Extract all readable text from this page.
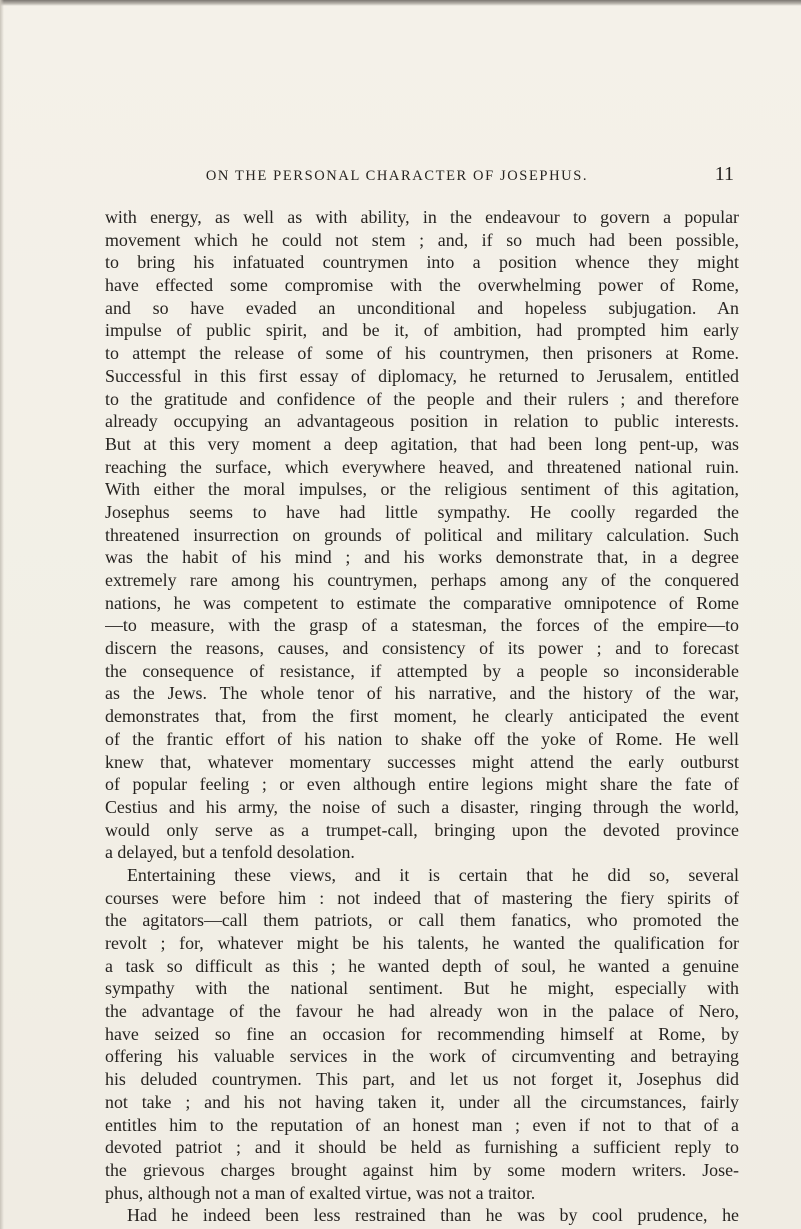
ON THE PERSONAL CHARACTER OF JOSEPHUS.	11
with energy, as well as with ability, in the endeavour to govern a popular
movement which he could not stem ; and, if so much had been possible,
to bring his infatuated countrymen into a position whence they might
have effected some compromise with the overwhelming power of Rome,
and so have evaded an unconditional and hopeless subjugation. An
impulse of public spirit, and be it, of ambition, had prompted him early
to attempt the release of some of his countrymen, then prisoners at Rome.
Successful in this first essay of diplomacy, he returned to Jerusalem, entitled
to the gratitude and confidence of the people and their rulers ; and therefore
already occupying an advantageous position in relation to public interests.
But at this very moment a deep agitation, that had been long pent-up, was
reaching the surface, which everywhere heaved, and threatened national ruin.
With either the moral impulses, or the religious sentiment of this agitation,
Josephus seems to have had little sympathy. He coolly regarded the
threatened insurrection on grounds of political and military calculation. Such
was the habit of his mind ; and his works demonstrate that, in a degree
extremely rare among his countrymen, perhaps among any of the conquered
nations, he was competent to estimate the comparative omnipotence of Rome
—to measure, with the grasp of a statesman, the forces of the empire—to
discern the reasons, causes, and consistency of its power ; and to forecast
the consequence of resistance, if attempted by a people so inconsiderable
as the Jews. The whole tenor of his narrative, and the history of the war,
demonstrates that, from the first moment, he clearly anticipated the event
of the frantic effort of his nation to shake off the yoke of Rome. He well
knew that, whatever momentary successes might attend the early outburst
of popular feeling ; or even although entire legions might share the fate of
Cestius and his army, the noise of such a disaster, ringing through the world,
would only serve as a trumpet-call, bringing upon the devoted province
a delayed, but a tenfold desolation.
Entertaining these views, and it is certain that he did so, several
courses were before him : not indeed that of mastering the fiery spirits of
the agitators—call them patriots, or call them fanatics, who promoted the
revolt ; for, whatever might be his talents, he wanted the qualification for
a task so difficult as this ; he wanted depth of soul, he wanted a genuine
sympathy with the national sentiment. But he might, especially with
the advantage of the favour he had already won in the palace of Nero,
have seized so fine an occasion for recommending himself at Rome, by
offering his valuable services in the work of circumventing and betraying
his deluded countrymen. This part, and let us not forget it, Josephus did
not take ; and his not having taken it, under all the circumstances, fairly
entitles him to the reputation of an honest man ; even if not to that of a
devoted patriot ; and it should be held as furnishing a sufficient reply to
the grievous charges brought against him by some modern writers. Jose-
phus, although not a man of exalted virtue, was not a traitor.
Had he indeed been less restrained than he was by cool prudence, he
